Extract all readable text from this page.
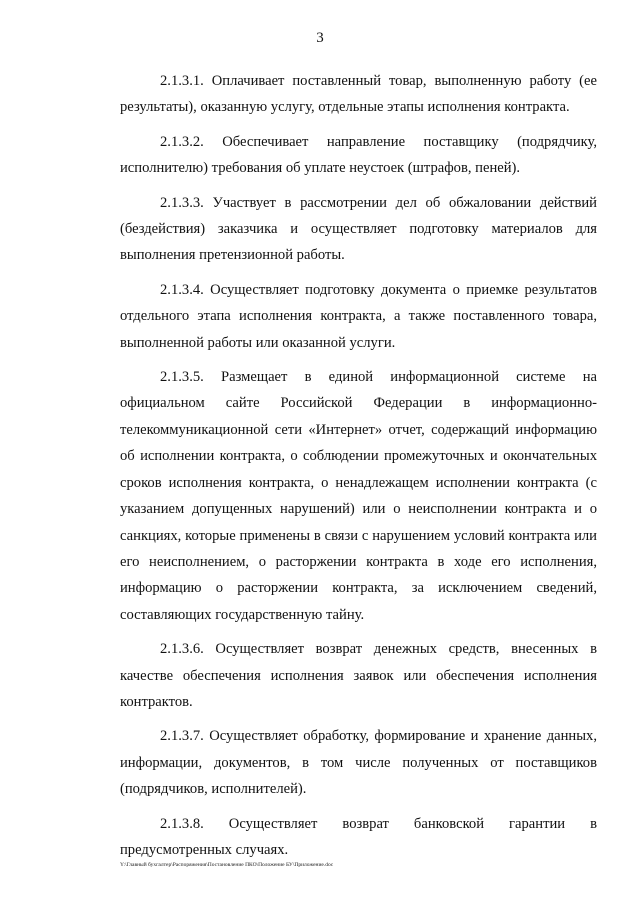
3

2.1.3.1. Оплачивает поставленный товар, выполненную работу (ее результаты), оказанную услугу, отдельные этапы исполнения контракта.

2.1.3.2. Обеспечивает направление поставщику (подрядчику, исполнителю) требования об уплате неустоек (штрафов, пеней).

2.1.3.3. Участвует в рассмотрении дел об обжаловании действий (бездействия) заказчика и осуществляет подготовку материалов для выполнения претензионной работы.

2.1.3.4. Осуществляет подготовку документа о приемке результатов отдельного этапа исполнения контракта, а также поставленного товара, выполненной работы или оказанной услуги.

2.1.3.5. Размещает в единой информационной системе на официальном сайте Российской Федерации в информационно-телекоммуникационной сети «Интернет» отчет, содержащий информацию об исполнении контракта, о соблюдении промежуточных и окончательных сроков исполнения контракта, о ненадлежащем исполнении контракта (с указанием допущенных нарушений) или о неисполнении контракта и о санкциях, которые применены в связи с нарушением условий контракта или его неисполнением, о расторжении контракта в ходе его исполнения, информацию о расторжении контракта, за исключением сведений, составляющих государственную тайну.

2.1.3.6. Осуществляет возврат денежных средств, внесенных в качестве обеспечения исполнения заявок или обеспечения исполнения контрактов.

2.1.3.7. Осуществляет обработку, формирование и хранение данных, информации, документов, в том числе полученных от поставщиков (подрядчиков, исполнителей).

2.1.3.8. Осуществляет возврат банковской гарантии в предусмотренных случаях.

Y:\Главный бухгалтер\Распоряжения\Постановление ПКО\Положение БУ\Приложение.doc
